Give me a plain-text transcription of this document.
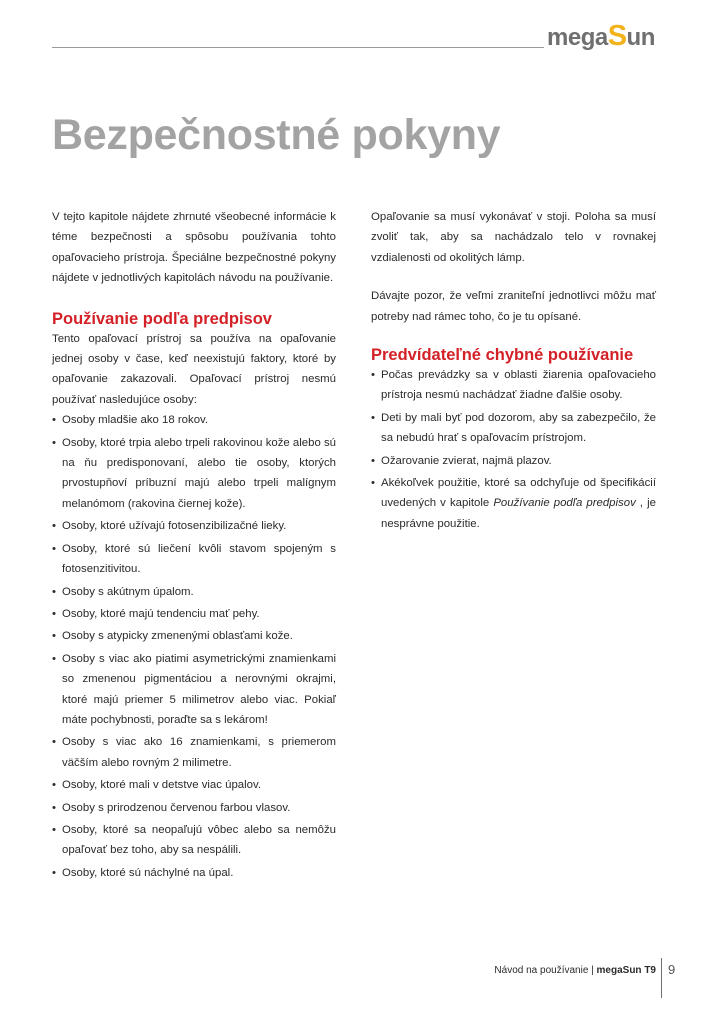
megaSun
Bezpečnostné pokyny

V tejto kapitole nájdete zhrnuté všeobecné informácie k téme bezpečnosti a spôsobu používania tohto opaľovacieho prístroja. Špeciálne bezpečnostné pokyny nájdete v jednotlivých kapitolách návodu na používanie.

Používanie podľa predpisov

Tento opaľovací prístroj sa používa na opaľovanie jednej osoby v čase, keď neexistujú faktory, ktoré by opaľovanie zakazovali. Opaľovací prístroj nesmú používať nasledujúce osoby:

• Osoby mladšie ako 18 rokov.
• Osoby, ktoré trpia alebo trpeli rakovinou kože alebo sú na ňu predisponovaní, alebo tie osoby, ktorých prvostupňoví príbuzní majú alebo trpeli malígnym melanómom (rakovina čiernej kože).
• Osoby, ktoré užívajú fotosenzibilizačné lieky.
• Osoby, ktoré sú liečení kvôli stavom spojeným s fotosenzitivitou.
• Osoby s akútnym úpalom.
• Osoby, ktoré majú tendenciu mať pehy.
• Osoby s atypicky zmenenými oblasťami kože.
• Osoby s viac ako piatimi asymetrickými znamienkami so zmenenou pigmentáciou a nerovnými okrajmi, ktoré majú priemer 5 milimetrov alebo viac. Pokiaľ máte pochybnosti, poraďte sa s lekárom!
• Osoby s viac ako 16 znamienkami, s priemerom väčším alebo rovným 2 milimetre.
• Osoby, ktoré mali v detstve viac úpalov.
• Osoby s prirodzenou červenou farbou vlasov.
• Osoby, ktoré sa neopaľujú vôbec alebo sa nemôžu opaľovať bez toho, aby sa nespálili.
• Osoby, ktoré sú náchylné na úpal.

Opaľovanie sa musí vykonávať v stoji. Poloha sa musí zvoliť tak, aby sa nachádzalo telo v rovnakej vzdialenosti od okolitých lámp.

Dávajte pozor, že veľmi zraniteľní jednotlivci môžu mať potreby nad rámec toho, čo je tu opísané.

Predvídateľné chybné používanie
• Počas prevádzky sa v oblasti žiarenia opaľovacieho prístroja nesmú nachádzať žiadne ďalšie osoby.
• Deti by mali byť pod dozorom, aby sa zabezpečilo, že sa nebudú hrať s opaľovacím prístrojom.
• Ožarovanie zvierat, najmä plazov.
• Akékoľvek použitie, ktoré sa odchyľuje od špecifikácií uvedených v kapitole Používanie podľa predpisov , je nesprávne použitie.
Návod na používanie | megaSun T9 9
